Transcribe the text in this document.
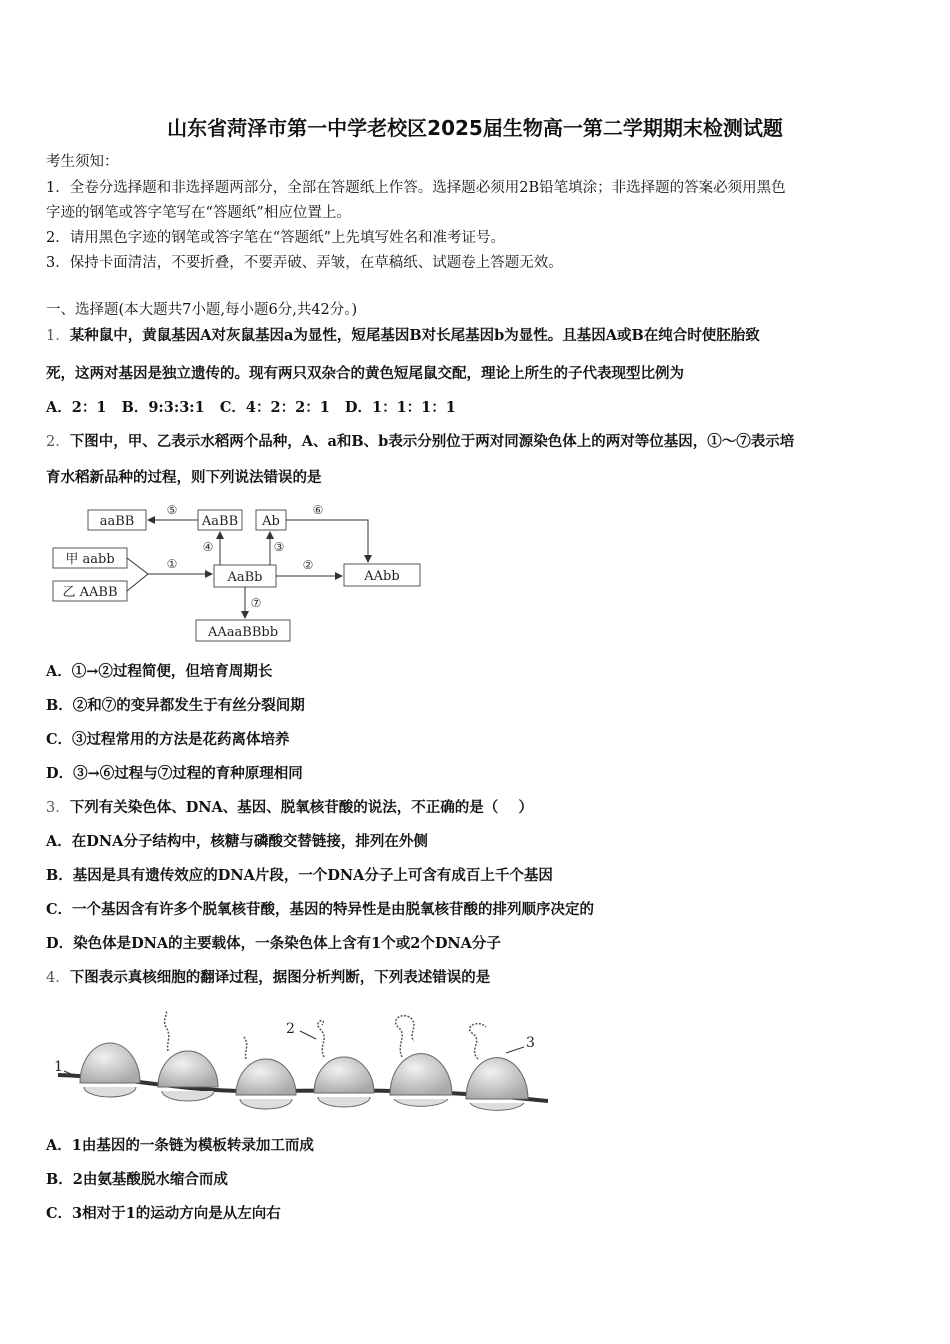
山东省菏泽市第一中学老校区2025届生物高一第二学期期末检测试题
考生须知：
1．全卷分选择题和非选择题两部分，全部在答题纸上作答。选择题必须用2B铅笔填涂；非选择题的答案必须用黑色
字迹的钢笔或答字笔写在“答题纸”相应位置上。
2．请用黑色字迹的钢笔或答字笔在“答题纸”上先填写姓名和准考证号。
3．保持卡面清洁，不要折叠，不要弄破、弄皱，在草稿纸、试题卷上答题无效。
一、选择题(本大题共7小题,每小题6分,共42分。)
1．某种鼠中，黄鼠基因A对灰鼠基因a为显性，短尾基因B对长尾基因b为显性。且基因A或B在纯合时使胚胎致
死，这两对基因是独立遗传的。现有两只双杂合的黄色短尾鼠交配，理论上所生的子代表现型比例为
A．2：1   B．9:3:3:1   C．4：2：2：1   D．1：1：1：1
2．下图中，甲、乙表示水稻两个品种，A、a和B、b表示分别位于两对同源染色体上的两对等位基因，①～⑦表示培
育水稻新品种的过程，则下列说法错误的是
aaBB	AaBB Ab
甲 aabb
乙 AABB
AaBb	AAbb
AAaaBBbb
①	②
③
④
⑤	⑥
⑦
A．①→②过程简便，但培育周期长
B．②和⑦的变异都发生于有丝分裂间期
C．③过程常用的方法是花药离体培养
D．③→⑥过程与⑦过程的育种原理相同
3．下列有关染色体、DNA、基因、脱氧核苷酸的说法，不正确的是（    ）
A．在DNA分子结构中，核糖与磷酸交替链接，排列在外侧
B．基因是具有遗传效应的DNA片段，一个DNA分子上可含有成百上千个基因
C．一个基因含有许多个脱氧核苷酸，基因的特异性是由脱氧核苷酸的排列顺序决定的
D．染色体是DNA的主要载体，一条染色体上含有1个或2个DNA分子
4．下图表示真核细胞的翻译过程，据图分析判断，下列表述错误的是
1
2
3
A．1由基因的一条链为模板转录加工而成
B．2由氨基酸脱水缩合而成
C．3相对于1的运动方向是从左向右
